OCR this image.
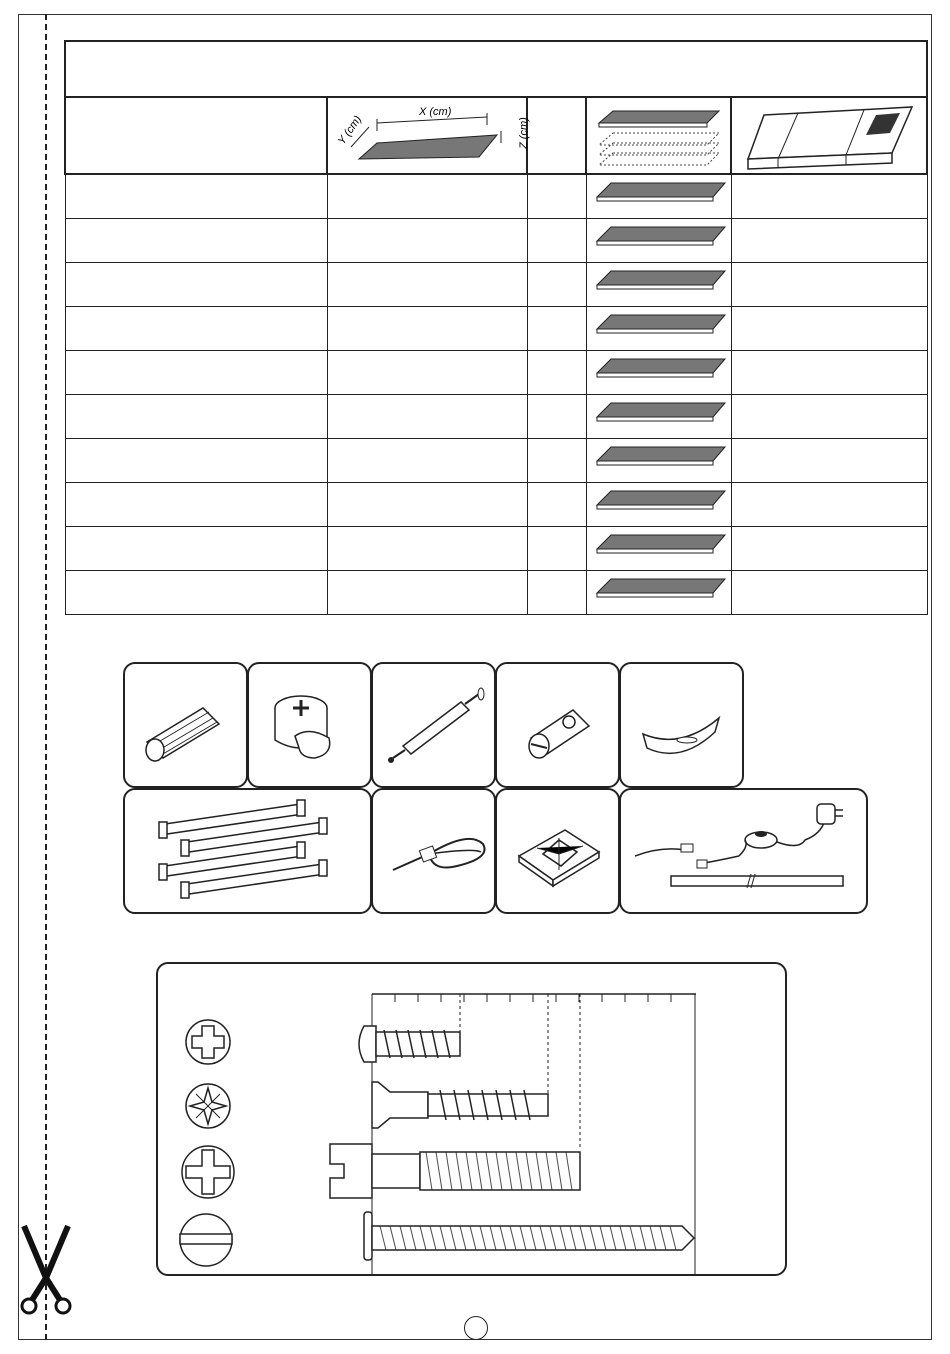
X (cm)
Y (cm) Z (cm)
